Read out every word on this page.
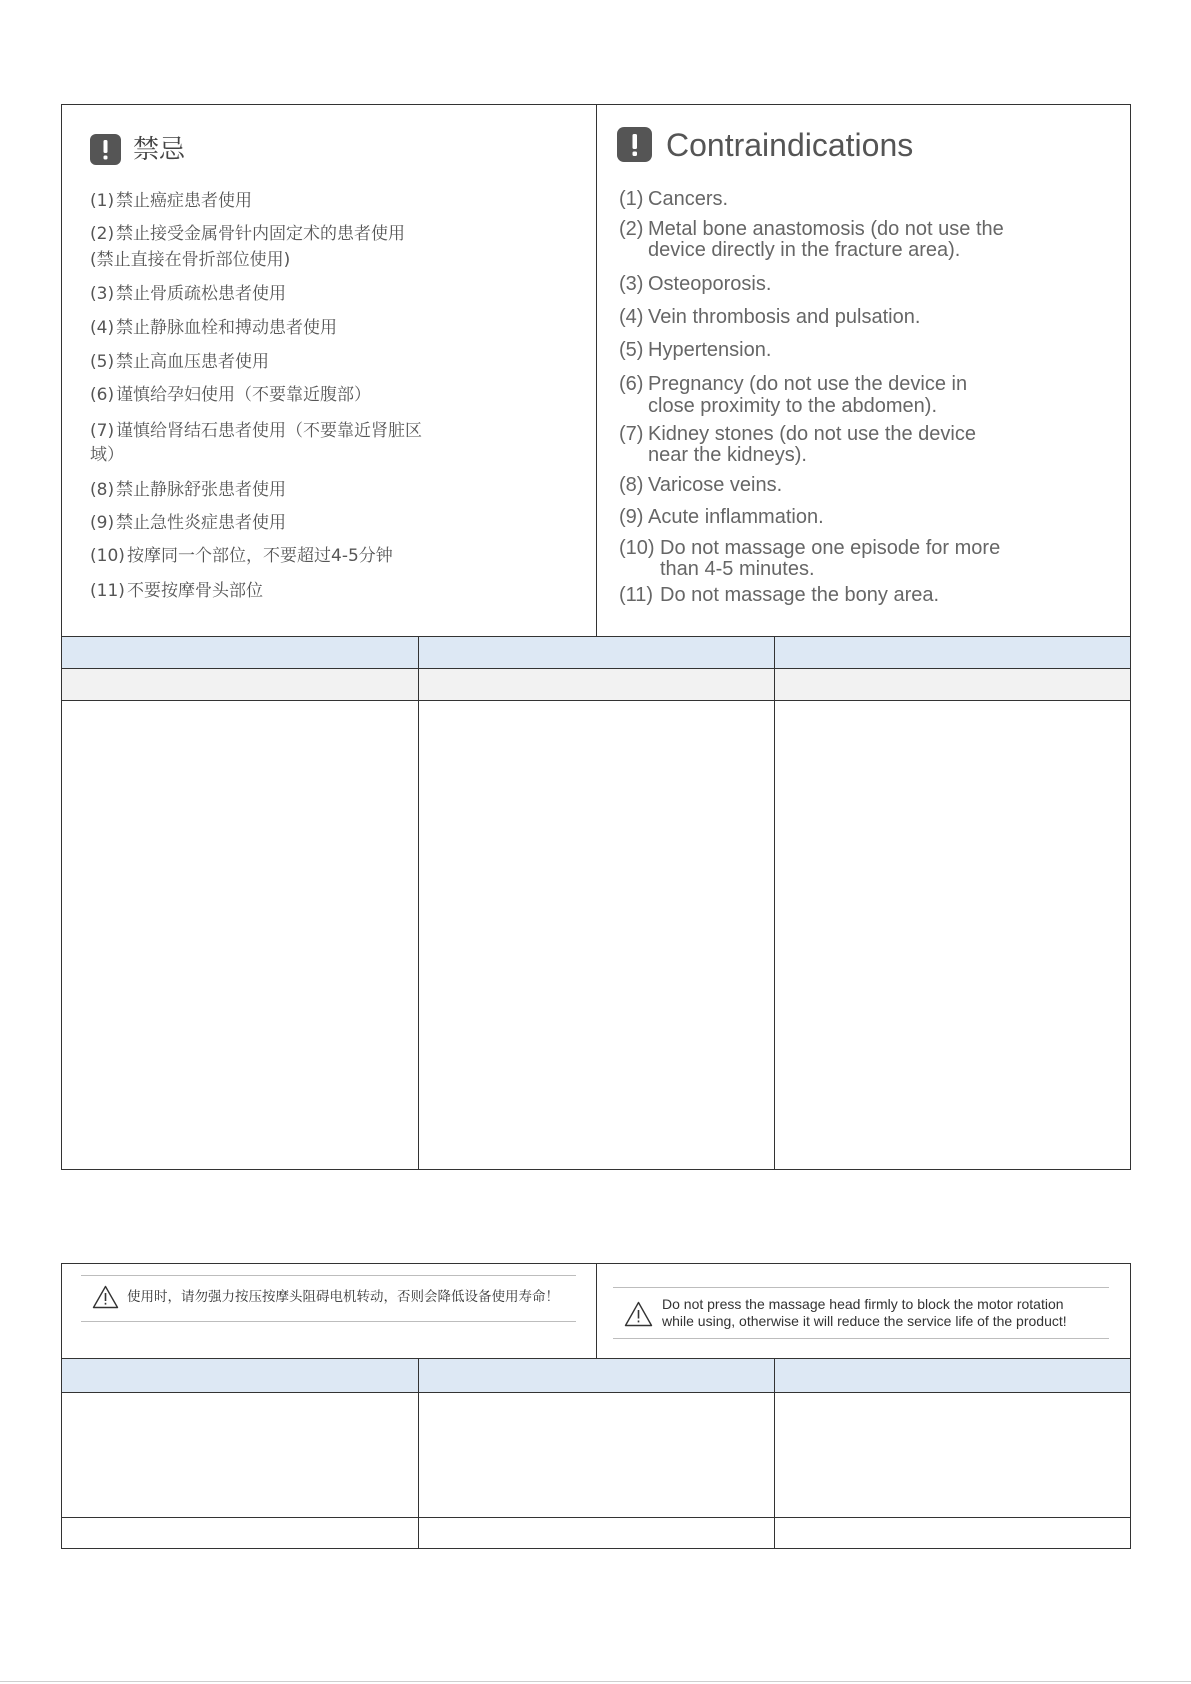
禁忌
(1) 禁止癌症患者使用
(2) 禁止接受金属骨针内固定术的患者使用
(禁止直接在骨折部位使用)
(3) 禁止骨质疏松患者使用
(4) 禁止静脉血栓和搏动患者使用
(5) 禁止高血压患者使用
(6) 谨慎给孕妇使用（不要靠近腹部）
(7) 谨慎给肾结石患者使用（不要靠近肾脏区
域）
(8) 禁止静脉舒张患者使用
(9) 禁止急性炎症患者使用
(10) 按摩同一个部位，不要超过4-5分钟
(11) 不要按摩骨头部位
Contraindications
(1) Cancers.
(2) Metal bone anastomosis (do not use the
device directly in the fracture area).
(3) Osteoporosis.
(4) Vein thrombosis and pulsation.
(5) Hypertension.
(6) Pregnancy (do not use the device in
close proximity to the abdomen).
(7) Kidney stones (do not use the device
near the kidneys).
(8) Varicose veins.
(9) Acute inflammation.
(10) Do not massage one episode for more
than 4-5 minutes.
(11) Do not massage the bony area.
使用时，请勿强力按压按摩头阻碍电机转动，否则会降低设备使用寿命！	Do not press the massage head firmly to block the motor rotation
while using, otherwise it will reduce the service life of the product!
